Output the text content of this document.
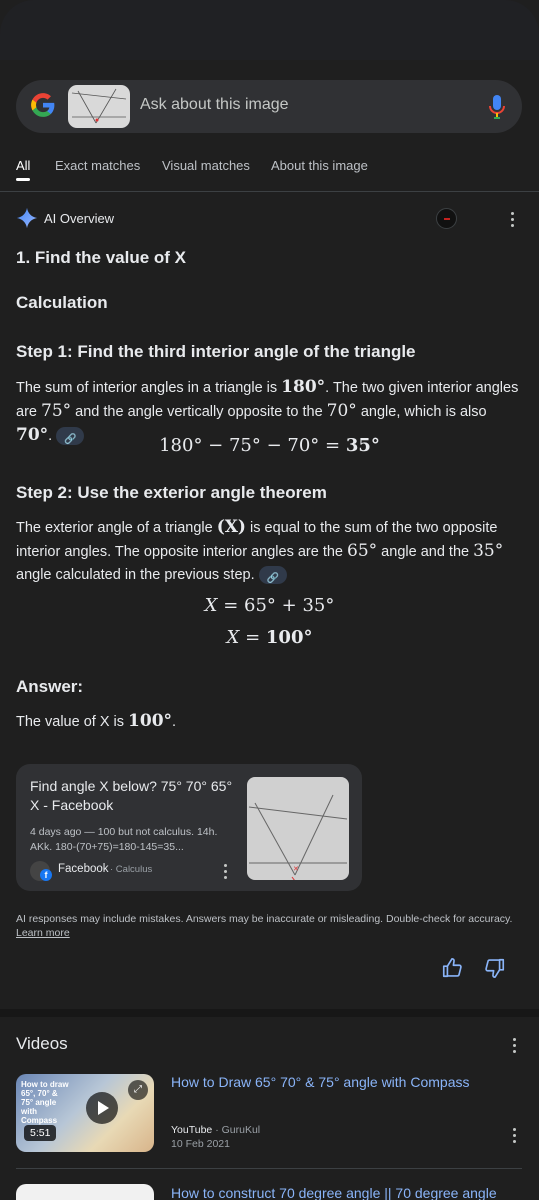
Ask about this image
All Exact matches Visual matches About this image
AI Overview
1. Find the value of X
Calculation
Step 1: Find the third interior angle of the triangle
The sum of interior angles in a triangle is 180°. The two given interior angles are 75° and the angle vertically opposite to the 70° angle, which is also 70°.🔗	180° − 75° − 70° = 35°
Step 2: Use the exterior angle theorem
The exterior angle of a triangle (X) is equal to the sum of the two opposite interior angles. The opposite interior angles are the 65° angle and the 35° angle calculated in the previous step.🔗
X = 65° + 35°
X = 100°
Answer:
The value of X is 100°.
Find angle X below? 75° 70° 65° X - Facebook
4 days ago — 100 but not calculus. 14h. AKk. 180-(70+75)=180-145=35...
f
Facebook · Calculus	✕
AI responses may include mistakes. Answers may be inaccurate or misleading. Double-check for accuracy.
Learn more
Videos
How to draw 65°, 70° & 75° angle with Compass
⤢
5:51
How to Draw 65° 70° & 75° angle with Compass
YouTube · GuruKul
10 Feb 2021
How to construct 70 degree angle || 70 degree angle
